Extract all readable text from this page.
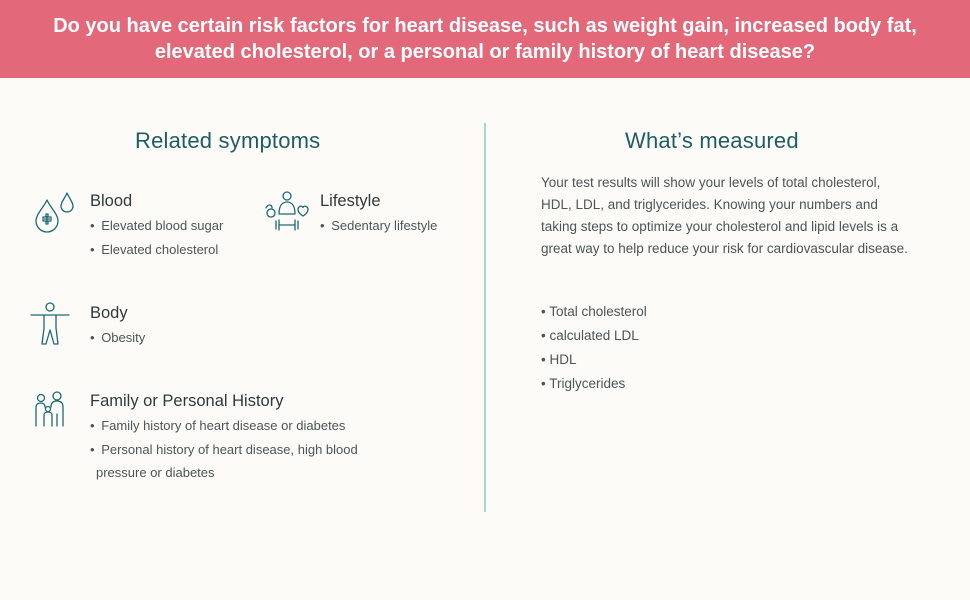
Do you have certain risk factors for heart disease, such as weight gain, increased body fat, elevated cholesterol, or a personal or family history of heart disease?

Related symptoms
Blood
• Elevated blood sugar
• Elevated cholesterol
Lifestyle
• Sedentary lifestyle
Body
• Obesity
Family or Personal History
• Family history of heart disease or diabetes
• Personal history of heart disease, high blood
pressure or diabetes
What’s measured

Your test results will show your levels of total cholesterol, HDL, LDL, and triglycerides. Knowing your numbers and taking steps to optimize your cholesterol and lipid levels is a great way to help reduce your risk for cardiovascular disease.

• Total cholesterol
• calculated LDL
• HDL
• Triglycerides
